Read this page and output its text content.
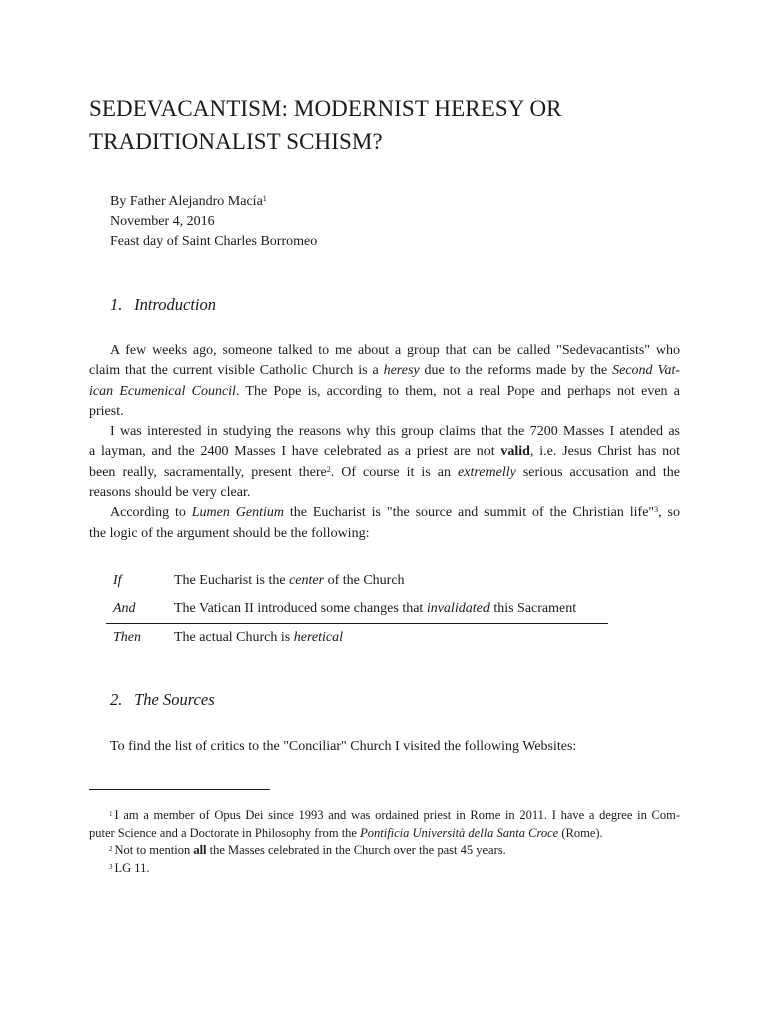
SEDEVACANTISM: MODERNIST HERESY OR
TRADITIONALIST SCHISM?
By Father Alejandro Macía$^1$
November 4, 2016
Feast day of Saint Charles Borromeo
1. Introduction
A few weeks ago, someone talked to me about a group that can be called "Sedevacantists" who
claim that the current visible Catholic Church is a heresy due to the reforms made by the Second Vat-
ican Ecumenical Council. The Pope is, according to them, not a real Pope and perhaps not even a
priest.
I was interested in studying the reasons why this group claims that the 7200 Masses I atended as
a layman, and the 2400 Masses I have celebrated as a priest are not valid, i.e. Jesus Christ has not
been really, sacramentally, present there$^2$. Of course it is an extremelly serious accusation and the
reasons should be very clear.
According to Lumen Gentium the Eucharist is "the source and summit of the Christian life"$^3$, so
the logic of the argument should be the following:
If	The Eucharist is the center of the Church
And	The Vatican II introduced some changes that invalidated this Sacrament
Then	The actual Church is heretical
2. The Sources

To find the list of critics to the "Conciliar" Church I visited the following Websites:

$^1$ I am a member of Opus Dei since 1993 and was ordained priest in Rome in 2011. I have a degree in Com-
puter Science and a Doctorate in Philosophy from the Pontificia Università della Santa Croce (Rome).
$^2$ Not to mention all the Masses celebrated in the Church over the past 45 years.
$^3$ LG 11.
